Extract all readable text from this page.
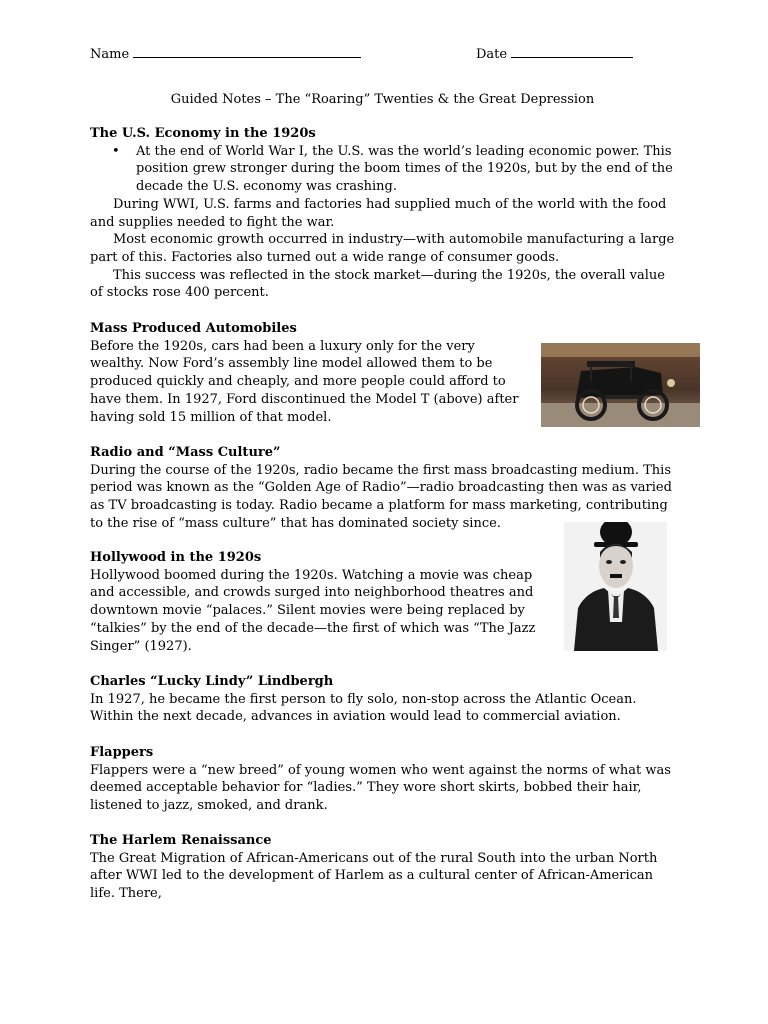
Name	Date
Guided Notes – The “Roaring” Twenties & the Great Depression

The U.S. Economy in the 1920s

• At the end of World War I, the U.S. was the world’s leading economic power. This position grew stronger during the boom times of the 1920s, but by the end of the decade the U.S. economy was crashing.

During WWI, U.S. farms and factories had supplied much of the world with the food and supplies needed to fight the war.

Most economic growth occurred in industry—with automobile manufacturing a large part of this. Factories also turned out a wide range of consumer goods.

This success was reflected in the stock market—during the 1920s, the overall value of stocks rose 400 percent.

Mass Produced Automobiles

Before the 1920s, cars had been a luxury only for the very wealthy. Now Ford’s assembly line model allowed them to be produced quickly and cheaply, and more people could afford to have them. In 1927, Ford discontinued the Model T (above) after having sold 15 million of that model.

Radio and “Mass Culture”

During the course of the 1920s, radio became the first mass broadcasting medium. This period was known as the “Golden Age of Radio”—radio broadcasting then was as varied as TV broadcasting is today. Radio became a platform for mass marketing, contributing to the rise of “mass culture” that has dominated society since.

Hollywood in the 1920s

Hollywood boomed during the 1920s. Watching a movie was cheap and accessible, and crowds surged into neighborhood theatres and downtown movie “palaces.” Silent movies were being replaced by “talkies” by the end of the decade—the first of which was “The Jazz Singer” (1927).

Charles “Lucky Lindy” Lindbergh

In 1927, he became the first person to fly solo, non-stop across the Atlantic Ocean. Within the next decade, advances in aviation would lead to commercial aviation.

Flappers

Flappers were a “new breed” of young women who went against the norms of what was deemed acceptable behavior for “ladies.” They wore short skirts, bobbed their hair, listened to jazz, smoked, and drank.

The Harlem Renaissance

The Great Migration of African-Americans out of the rural South into the urban North after WWI led to the development of Harlem as a cultural center of African-American life. There,
